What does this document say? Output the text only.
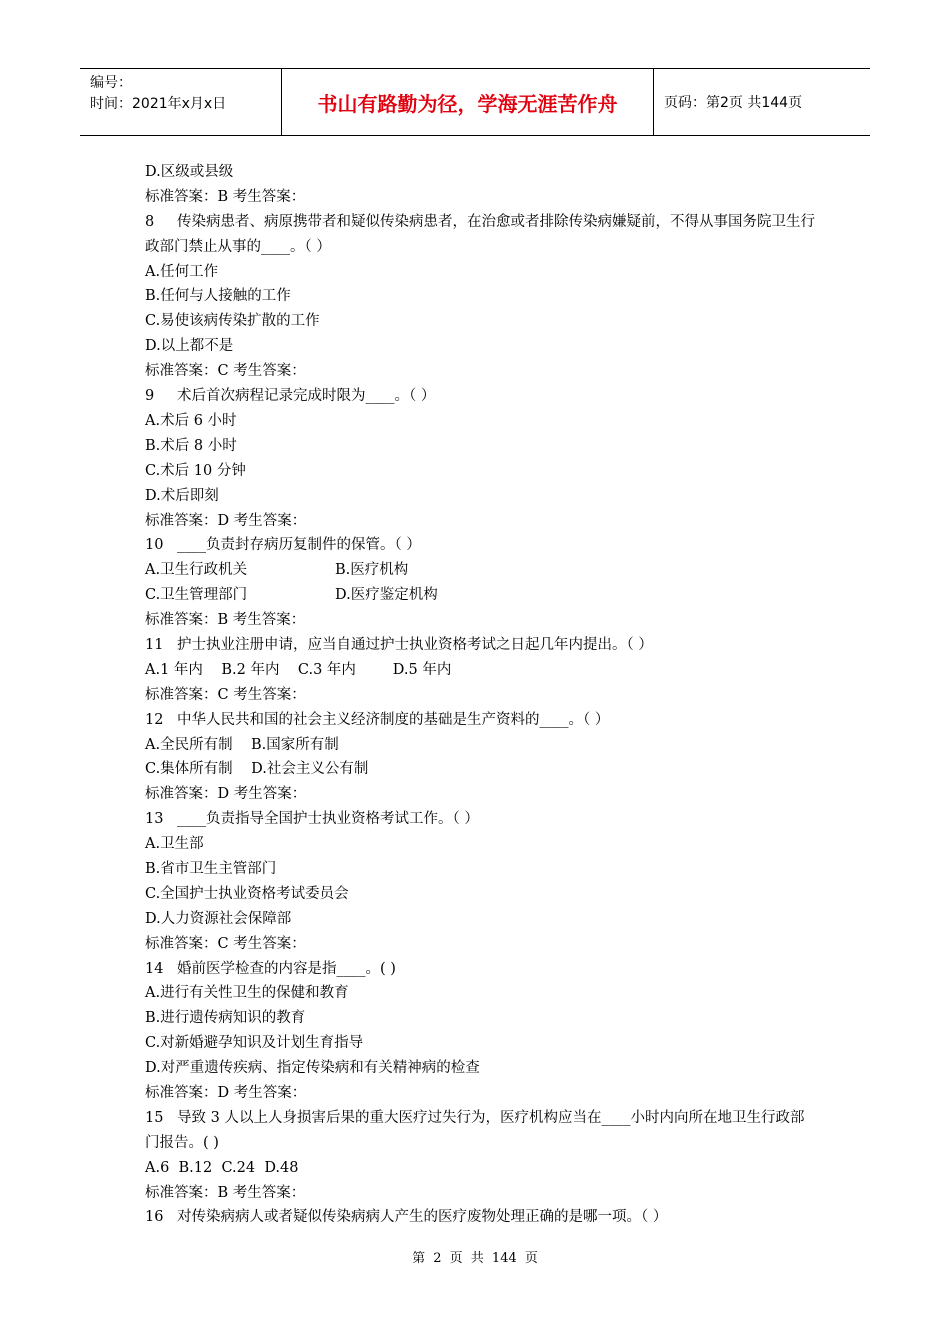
编号：
时间：2021年x月x日	书山有路勤为径，学海无涯苦作舟	页码：第2页 共144页
D.区级或县级
标准答案：B 考生答案：
8 传染病患者、病原携带者和疑似传染病患者，在治愈或者排除传染病嫌疑前，不得从事国务院卫生行政部门禁止从事的____。（ ）
A.任何工作
B.任何与人接触的工作
C.易使该病传染扩散的工作
D.以上都不是
标准答案：C 考生答案：
9 术后首次病程记录完成时限为____。（ ）
A.术后 6 小时
B.术后 8 小时
C.术后 10 分钟
D.术后即刻
标准答案：D 考生答案：
10 ____负责封存病历复制件的保管。（ ）
A.卫生行政机关	B.医疗机构
C.卫生管理部门	D.医疗鉴定机构
标准答案：B 考生答案：
11 护士执业注册申请，应当自通过护士执业资格考试之日起几年内提出。（ ）
A.1 年内    B.2 年内    C.3 年内        D.5 年内
标准答案：C 考生答案：
12 中华人民共和国的社会主义经济制度的基础是生产资料的____。（ ）
A.全民所有制    B.国家所有制
C.集体所有制    D.社会主义公有制
标准答案：D 考生答案：
13 ____负责指导全国护士执业资格考试工作。（ ）
A.卫生部
B.省市卫生主管部门
C.全国护士执业资格考试委员会
D.人力资源社会保障部
标准答案：C 考生答案：
14 婚前医学检查的内容是指____。( )
A.进行有关性卫生的保健和教育
B.进行遗传病知识的教育
C.对新婚避孕知识及计划生育指导
D.对严重遗传疾病、指定传染病和有关精神病的检查
标准答案：D 考生答案：
15 导致 3 人以上人身损害后果的重大医疗过失行为，医疗机构应当在____小时内向所在地卫生行政部门报告。( )
A.6  B.12  C.24  D.48
标准答案：B 考生答案：
16 对传染病病人或者疑似传染病病人产生的医疗废物处理正确的是哪一项。（ ）
第 2 页 共 144 页
